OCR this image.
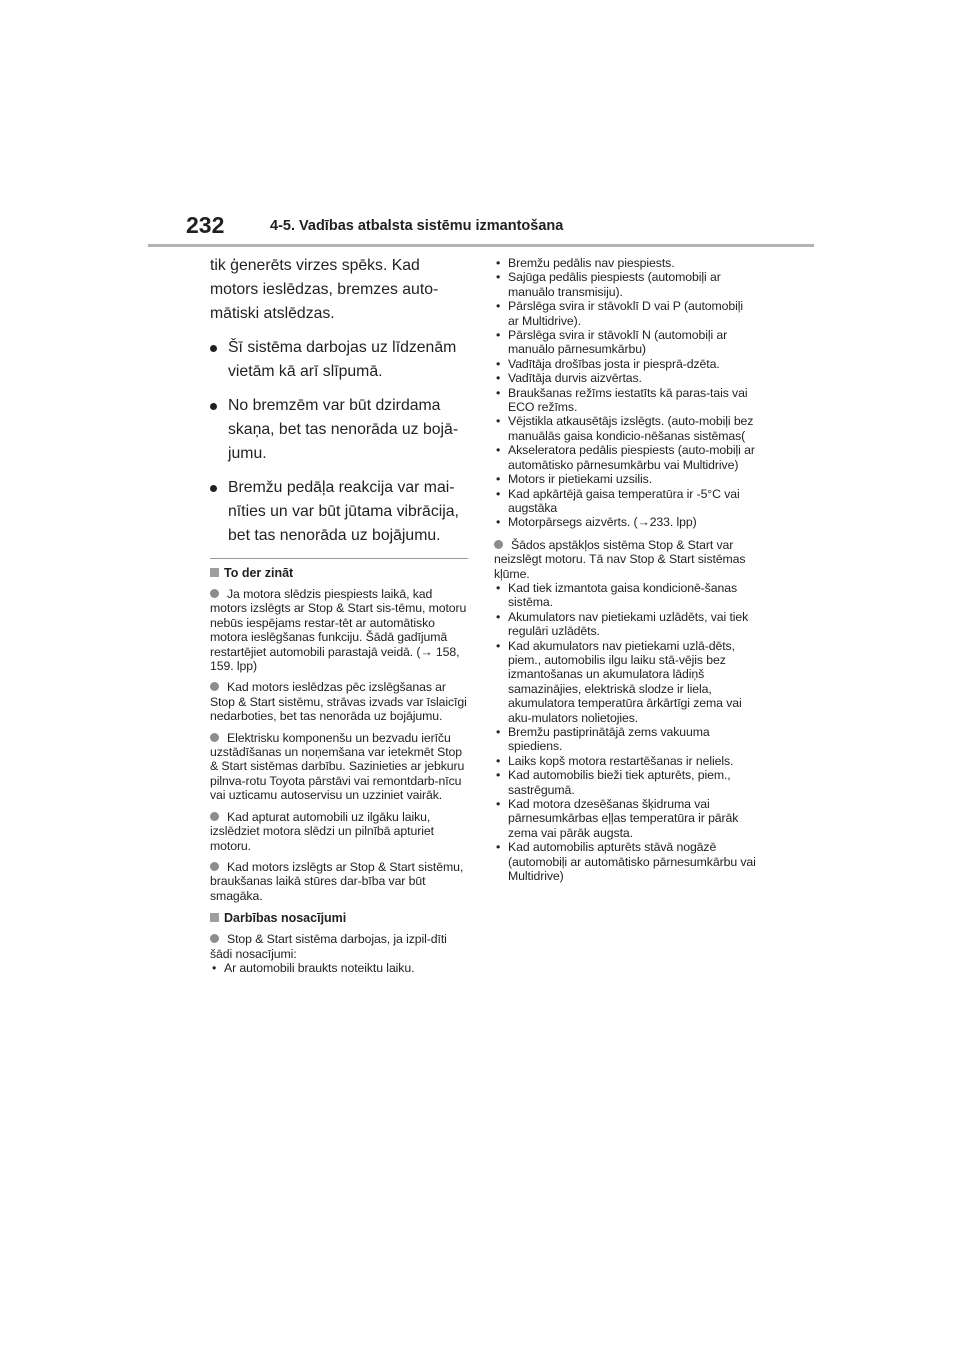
232	4-5. Vadības atbalsta sistēmu izmantošana

tik ģenerēts virzes spēks. Kad motors ieslēdzas, bremzes auto-mātiski atslēdzas.

Šī sistēma darbojas uz līdzenām vietām kā arī slīpumā.
No bremzēm var būt dzirdama skaņa, bet tas nenorāda uz bojā-jumu.
Bremžu pedāļa reakcija var mai-nīties un var būt jūtama vibrācija, bet tas nenorāda uz bojājumu.
To der zināt

Ja motora slēdzis piespiests laikā, kad motors izslēgts ar Stop & Start sis-tēmu, motoru nebūs iespējams restar-tēt ar automātisko motora ieslēgšanas funkciju. Šādā gadījumā restartējiet automobili parastajā veidā. (→ 158, 159. lpp)

Kad motors ieslēdzas pēc izslēgšanas ar Stop & Start sistēmu, strāvas izvads var īslaicīgi nedarboties, bet tas nenorāda uz bojājumu.

Elektrisku komponenšu un bezvadu ierīču uzstādīšanas un noņemšana var ietekmēt Stop & Start sistēmas darbību. Sazinieties ar jebkuru pilnva-rotu Toyota pārstāvi vai remontdarb-nīcu vai uzticamu autoservisu un uzziniet vairāk.

Kad apturat automobili uz ilgāku laiku, izslēdziet motora slēdzi un pilnībā apturiet motoru.

Kad motors izslēgts ar Stop & Start sistēmu, braukšanas laikā stūres dar-bība var būt smagāka.

Darbības nosacījumi

Stop & Start sistēma darbojas, ja izpil-dīti šādi nosacījumi:

• Ar automobili braukts noteiktu laiku.
• Bremžu pedālis nav piespiests.
• Sajūga pedālis piespiests (automobiļi ar manuālo transmisiju).
• Pārslēga svira ir stāvoklī D vai P (automobiļi ar Multidrive).
• Pārslēga svira ir stāvoklī N (automobiļi ar manuālo pārnesumkārbu)
• Vadītāja drošības josta ir piesprā-dzēta.
• Vadītāja durvis aizvērtas.
• Braukšanas režīms iestatīts kā paras-tais vai ECO režīms.
• Vējstikla atkausētājs izslēgts. (auto-mobiļi bez manuālās gaisa kondicio-nēšanas sistēmas(
• Akseleratora pedālis piespiests (auto-mobiļi ar automātisko pārnesumkārbu vai Multidrive)
• Motors ir pietiekami uzsilis.
• Kad apkārtējā gaisa temperatūra ir -5°C vai augstāka
• Motorpārsegs aizvērts. (→233. lpp)

Šādos apstākļos sistēma Stop & Start var neizslēgt motoru. Tā nav Stop & Start sistēmas kļūme.

• Kad tiek izmantota gaisa kondicionē-šanas sistēma.
• Akumulators nav pietiekami uzlādēts, vai tiek regulāri uzlādēts.
• Kad akumulators nav pietiekami uzlā-dēts, piem., automobilis ilgu laiku stā-vējis bez izmantošanas un akumulatora lādiņš samazinājies, elektriskā slodze ir liela, akumulatora temperatūra ārkārtīgi zema vai aku-mulators nolietojies.
• Bremžu pastiprinātājā zems vakuuma spiediens.
• Laiks kopš motora restartēšanas ir neliels.
• Kad automobilis bieži tiek apturēts, piem., sastrēgumā.
• Kad motora dzesēšanas šķidruma vai pārnesumkārbas eļļas temperatūra ir pārāk zema vai pārāk augsta.
• Kad automobilis apturēts stāvā nogāzē (automobiļi ar automātisko pārnesumkārbu vai Multidrive)
